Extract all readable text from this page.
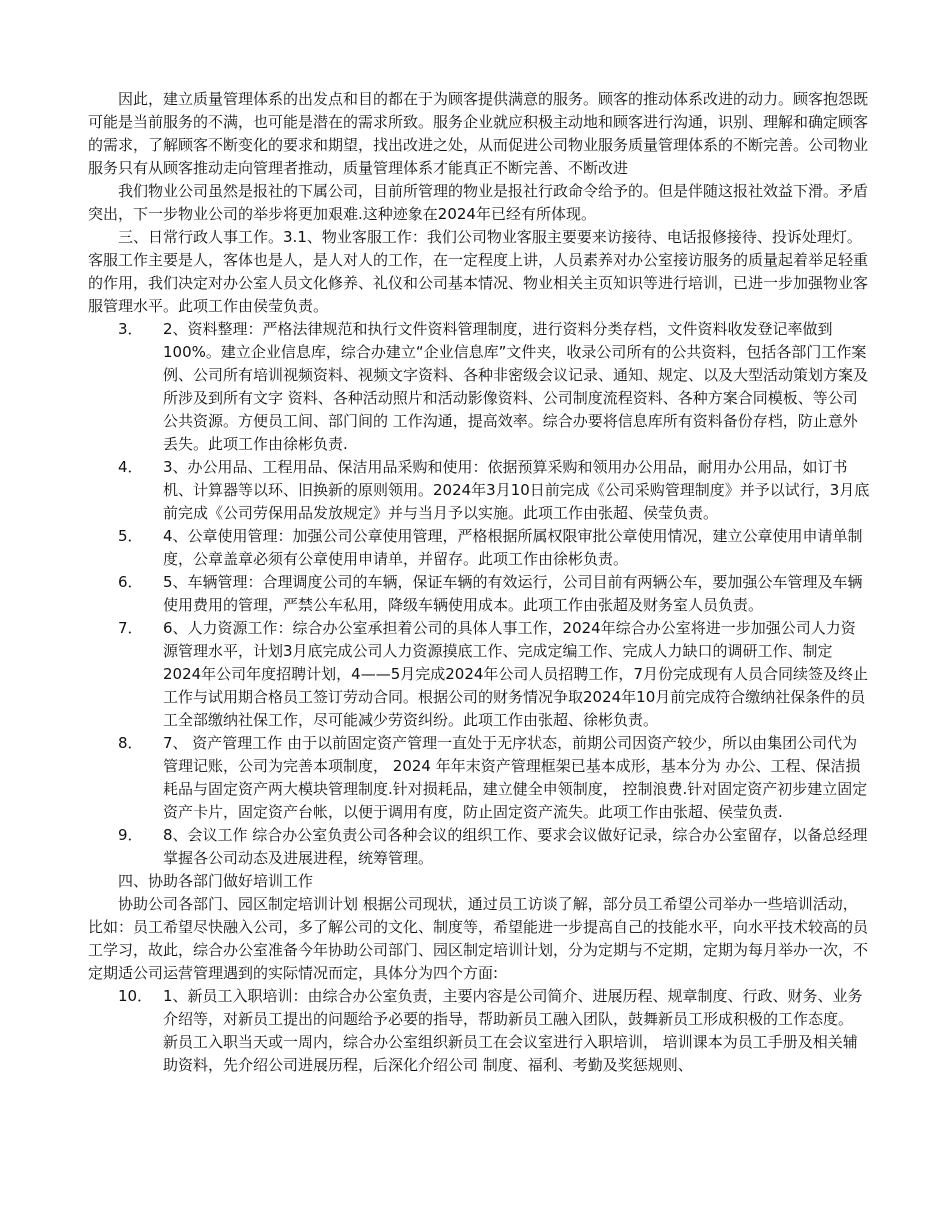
因此，建立质量管理体系的出发点和目的都在于为顾客提供满意的服务。顾客的推动体系改进的动力。顾客抱怨既可能是当前服务的不满，也可能是潜在的需求所致。服务企业就应积极主动地和顾客进行沟通，识别、理解和确定顾客的需求，了解顾客不断变化的要求和期望，找出改进之处，从而促进公司物业服务质量管理体系的不断完善。公司物业服务只有从顾客推动走向管理者推动，质量管理体系才能真正不断完善、不断改进

我们物业公司虽然是报社的下属公司，目前所管理的物业是报社行政命令给予的。但是伴随这报社效益下滑。矛盾突出，下一步物业公司的举步将更加艰难.这种迹象在2024年已经有所体现。

三、日常行政人事工作。3.1、物业客服工作：我们公司物业客服主要要来访接待、电话报修接待、投诉处理灯。客服工作主要是人，客体也是人，是人对人的工作，在一定程度上讲，人员素养对办公室接访服务的质量起着举足轻重的作用，我们决定对办公室人员文化修养、礼仪和公司基本情况、物业相关主页知识等进行培训，已进一步加强物业客服管理水平。此项工作由侯莹负责。

3．	2、资料整理：严格法律规范和执行文件资料管理制度，进行资料分类存档，文件资料收发登记率做到100%。建立企业信息库，综合办建立“企业信息库”文件夹，收录公司所有的公共资料，包括各部门工作案例、公司所有培训视频资料、视频文字资料、各种非密级会议记录、通知、规定、以及大型活动策划方案及所涉及到所有文字 资料、各种活动照片和活动影像资料、公司制度流程资料、各种方案合同模板、等公司公共资源。方便员工间、部门间的 工作沟通，提高效率。综合办要将信息库所有资料备份存档，防止意外丢失。此项工作由徐彬负责.
4．	3、办公用品、工程用品、保洁用品采购和使用：依据预算采购和领用办公用品，耐用办公用品，如订书机、计算器等以环、旧换新的原则领用。2024年3月10日前完成《公司采购管理制度》并予以试行，3月底前完成《公司劳保用品发放规定》并与当月予以实施。此项工作由张超、侯莹负责。
5．	4、公章使用管理：加强公司公章使用管理，严格根据所属权限审批公章使用情况，建立公章使用申请单制度，公章盖章必须有公章使用申请单，并留存。此项工作由徐彬负责。
6．	5、车辆管理：合理调度公司的车辆，保证车辆的有效运行，公司目前有两辆公车，要加强公车管理及车辆使用费用的管理，严禁公车私用，降级车辆使用成本。此项工作由张超及财务室人员负责。
7．	6、人力资源工作：综合办公室承担着公司的具体人事工作，2024年综合办公室将进一步加强公司人力资源管理水平，计划3月底完成公司人力资源摸底工作、完成定编工作、完成人力缺口的调研工作、制定2024年公司年度招聘计划，4——5月完成2024年公司人员招聘工作，7月份完成现有人员合同续签及终止工作与试用期合格员工签订劳动合同。根据公司的财务情况争取2024年10月前完成符合缴纳社保条件的员工全部缴纳社保工作，尽可能减少劳资纠纷。此项工作由张超、徐彬负责。
8．	7、 资产管理工作 由于以前固定资产管理一直处于无序状态，前期公司因资产较少，所以由集团公司代为管理记账，公司为完善本项制度， 2024 年年末资产管理框架已基本成形，基本分为 办公、工程、保洁损耗品与固定资产两大模块管理制度.针对损耗品，建立健全申领制度， 控制浪费.针对固定资产初步建立固定资产卡片，固定资产台帐，以便于调用有度，防止固定资产流失。此项工作由张超、侯莹负责.
9．	8、会议工作 综合办公室负责公司各种会议的组织工作、要求会议做好记录，综合办公室留存，以备总经理掌握各公司动态及进展进程，统筹管理。

四、协助各部门做好培训工作

协助公司各部门、园区制定培训计划 根据公司现状，通过员工访谈了解，部分员工希望公司举办一些培训活动， 比如：员工希望尽快融入公司，多了解公司的文化、制度等，希望能进一步提高自己的技能水平，向水平技术较高的员工学习，故此，综合办公室准备今年协助公司部门、园区制定培训计划，分为定期与不定期，定期为每月举办一次，不 定期适公司运营管理遇到的实际情况而定，具体分为四个方面:

10． 1、新员工入职培训：由综合办公室负责，主要内容是公司简介、进展历程、规章制度、行政、财务、业务介绍等，对新员工提出的问题给予必要的指导，帮助新员工融入团队，鼓舞新员工形成积极的工作态度。 新员工入职当天或一周内，综合办公室组织新员工在会议室进行入职培训， 培训课本为员工手册及相关辅助资料，先介绍公司进展历程，后深化介绍公司 制度、福利、考勤及奖惩规则、
